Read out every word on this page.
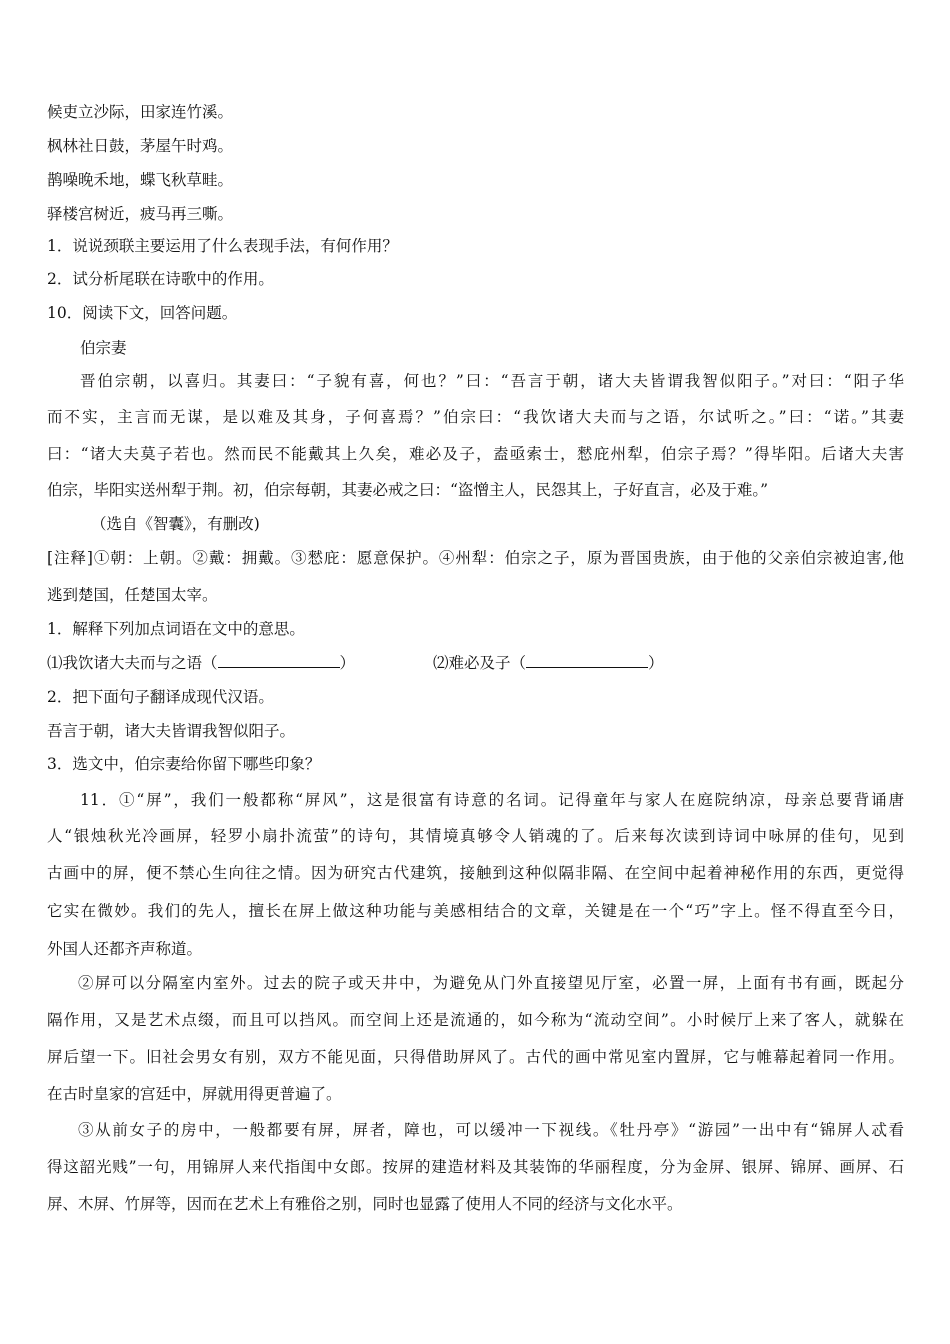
候吏立沙际，田家连竹溪。
枫林社日鼓，茅屋午时鸡。
鹊噪晚禾地，蝶飞秋草畦。
驿楼宫树近，疲马再三嘶。
1．说说颈联主要运用了什么表现手法，有何作用？
2．试分析尾联在诗歌中的作用。
10．阅读下文，回答问题。
伯宗妻
晋伯宗朝，以喜归。其妻曰：“子貌有喜，何也？”曰：“吾言于朝，诸大夫皆谓我智似阳子。”对曰：“阳子华
而不实，主言而无谋，是以难及其身，子何喜焉？”伯宗曰：“我饮诸大夫而与之语，尔试听之。”曰：“诺。”其妻
曰：“诸大夫莫子若也。然而民不能戴其上久矣，难必及子，盍亟索士，憖庇州犁，伯宗子焉？”得毕阳。后诸大夫害
伯宗，毕阳实送州犁于荆。初，伯宗每朝，其妻必戒之曰：“盗憎主人，民怨其上，子好直言，必及于难。”
（选自《智囊》，有删改)
[注释]①朝：上朝。②戴：拥戴。③憖庇：愿意保护。④州犁：伯宗之子，原为晋国贵族，由于他的父亲伯宗被迫害,他
逃到楚国，任楚国太宰。
1．解释下列加点词语在文中的意思。
⑴我饮诸大夫而与之语（	）	⑵难必及子（	）
2．把下面句子翻译成现代汉语。
吾言于朝，诸大夫皆谓我智似阳子。
3．选文中，伯宗妻给你留下哪些印象？
11．①“屏”，我们一般都称“屏风”，这是很富有诗意的名词。记得童年与家人在庭院纳凉，母亲总要背诵唐
人“银烛秋光冷画屏，轻罗小扇扑流萤”的诗句，其情境真够令人销魂的了。后来每次读到诗词中咏屏的佳句，见到
古画中的屏，便不禁心生向往之情。因为研究古代建筑，接触到这种似隔非隔、在空间中起着神秘作用的东西，更觉得
它实在微妙。我们的先人，擅长在屏上做这种功能与美感相结合的文章，关键是在一个“巧”字上。怪不得直至今日，
外国人还都齐声称道。
②屏可以分隔室内室外。过去的院子或天井中，为避免从门外直接望见厅室，必置一屏，上面有书有画，既起分
隔作用，又是艺术点缀，而且可以挡风。而空间上还是流通的，如今称为“流动空间”。小时候厅上来了客人，就躲在
屏后望一下。旧社会男女有别，双方不能见面，只得借助屏风了。古代的画中常见室内置屏，它与帷幕起着同一作用。
在古时皇家的宫廷中，屏就用得更普遍了。
③从前女子的房中，一般都要有屏，屏者，障也，可以缓冲一下视线。《牡丹亭》“游园”一出中有“锦屏人忒看
得这韶光贱”一句，用锦屏人来代指闺中女郎。按屏的建造材料及其装饰的华丽程度，分为金屏、银屏、锦屏、画屏、石
屏、木屏、竹屏等，因而在艺术上有雅俗之别，同时也显露了使用人不同的经济与文化水平。
